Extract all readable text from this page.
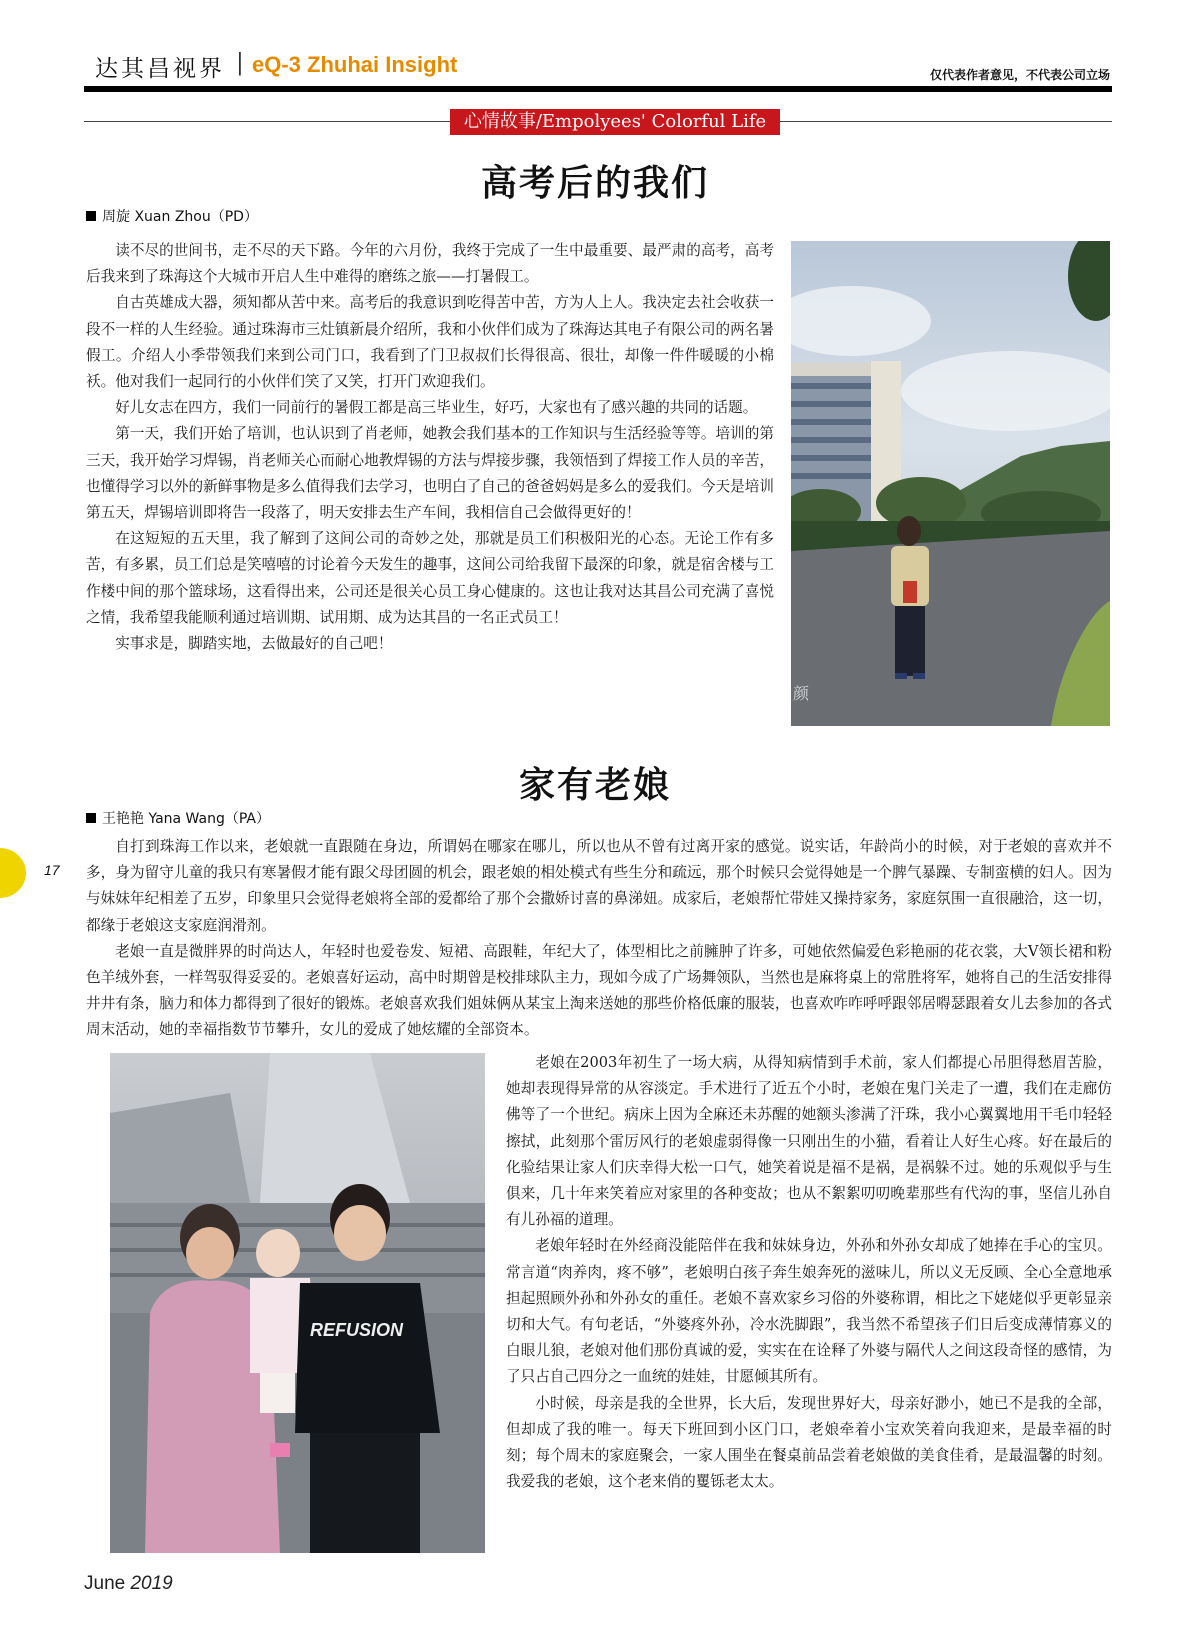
达其昌视界 | eQ-3 Zhuhai Insight	仅代表作者意见，不代表公司立场
心情故事/Empolyees' Colorful Life
高考后的我们
周旋 Xuan Zhou（PD）

读不尽的世间书，走不尽的天下路。今年的六月份，我终于完成了一生中最重要、最严肃的高考，高考后我来到了珠海这个大城市开启人生中难得的磨练之旅——打暑假工。

自古英雄成大器，须知都从苦中来。高考后的我意识到吃得苦中苦，方为人上人。我决定去社会收获一段不一样的人生经验。通过珠海市三灶镇新晨介绍所，我和小伙伴们成为了珠海达其电子有限公司的两名暑假工。介绍人小季带领我们来到公司门口，我看到了门卫叔叔们长得很高、很壮，却像一件件暖暖的小棉袄。他对我们一起同行的小伙伴们笑了又笑，打开门欢迎我们。

好儿女志在四方，我们一同前行的暑假工都是高三毕业生，好巧，大家也有了感兴趣的共同的话题。

第一天，我们开始了培训，也认识到了肖老师，她教会我们基本的工作知识与生活经验等等。培训的第三天，我开始学习焊锡，肖老师关心而耐心地教焊锡的方法与焊接步骤，我领悟到了焊接工作人员的辛苦，也懂得学习以外的新鲜事物是多么值得我们去学习，也明白了自己的爸爸妈妈是多么的爱我们。今天是培训第五天，焊锡培训即将告一段落了，明天安排去生产车间，我相信自己会做得更好的！

在这短短的五天里，我了解到了这间公司的奇妙之处，那就是员工们积极阳光的心态。无论工作有多苦，有多累，员工们总是笑嘻嘻的讨论着今天发生的趣事，这间公司给我留下最深的印象，就是宿舍楼与工作楼中间的那个篮球场，这看得出来，公司还是很关心员工身心健康的。这也让我对达其昌公司充满了喜悦之情，我希望我能顺利通过培训期、试用期、成为达其昌的一名正式员工！

实事求是，脚踏实地，去做最好的自己吧！

颜
家有老娘
王艳艳 Yana Wang（PA）

自打到珠海工作以来，老娘就一直跟随在身边，所谓妈在哪家在哪儿，所以也从不曾有过离开家的感觉。说实话，年龄尚小的时候，对于老娘的喜欢并不多，身为留守儿童的我只有寒暑假才能有跟父母团圆的机会，跟老娘的相处模式有些生分和疏远，那个时候只会觉得她是一个脾气暴躁、专制蛮横的妇人。因为与妹妹年纪相差了五岁，印象里只会觉得老娘将全部的爱都给了那个会撒娇讨喜的鼻涕妞。成家后，老娘帮忙带娃又操持家务，家庭氛围一直很融洽，这一切，都缘于老娘这支家庭润滑剂。

老娘一直是微胖界的时尚达人，年轻时也爱卷发、短裙、高跟鞋，年纪大了，体型相比之前臃肿了许多，可她依然偏爱色彩艳丽的花衣裳，大V领长裙和粉色羊绒外套，一样驾驭得妥妥的。老娘喜好运动，高中时期曾是校排球队主力，现如今成了广场舞领队，当然也是麻将桌上的常胜将军，她将自己的生活安排得井井有条，脑力和体力都得到了很好的锻炼。老娘喜欢我们姐妹俩从某宝上淘来送她的那些价格低廉的服装，也喜欢咋咋呼呼跟邻居嘚瑟跟着女儿去参加的各式周末活动，她的幸福指数节节攀升，女儿的爱成了她炫耀的全部资本。

REFUSION

老娘在2003年初生了一场大病，从得知病情到手术前，家人们都提心吊胆得愁眉苦脸，她却表现得异常的从容淡定。手术进行了近五个小时，老娘在鬼门关走了一遭，我们在走廊仿佛等了一个世纪。病床上因为全麻还未苏醒的她额头渗满了汗珠，我小心翼翼地用干毛巾轻轻擦拭，此刻那个雷厉风行的老娘虚弱得像一只刚出生的小猫，看着让人好生心疼。好在最后的化验结果让家人们庆幸得大松一口气，她笑着说是福不是祸，是祸躲不过。她的乐观似乎与生俱来，几十年来笑着应对家里的各种变故；也从不絮絮叨叨晚辈那些有代沟的事，坚信儿孙自有儿孙福的道理。

老娘年轻时在外经商没能陪伴在我和妹妹身边，外孙和外孙女却成了她捧在手心的宝贝。常言道“肉养肉，疼不够”，老娘明白孩子奔生娘奔死的滋味儿，所以义无反顾、全心全意地承担起照顾外孙和外孙女的重任。老娘不喜欢家乡习俗的外婆称谓，相比之下姥姥似乎更彰显亲切和大气。有句老话，“外婆疼外孙，冷水洗脚跟”，我当然不希望孩子们日后变成薄情寡义的白眼儿狼，老娘对他们那份真诚的爱，实实在在诠释了外婆与隔代人之间这段奇怪的感情，为了只占自己四分之一血统的娃娃，甘愿倾其所有。

小时候，母亲是我的全世界，长大后，发现世界好大，母亲好渺小，她已不是我的全部，但却成了我的唯一。每天下班回到小区门口，老娘牵着小宝欢笑着向我迎来，是最幸福的时刻；每个周末的家庭聚会，一家人围坐在餐桌前品尝着老娘做的美食佳肴，是最温馨的时刻。我爱我的老娘，这个老来俏的矍铄老太太。

17
June 2019
